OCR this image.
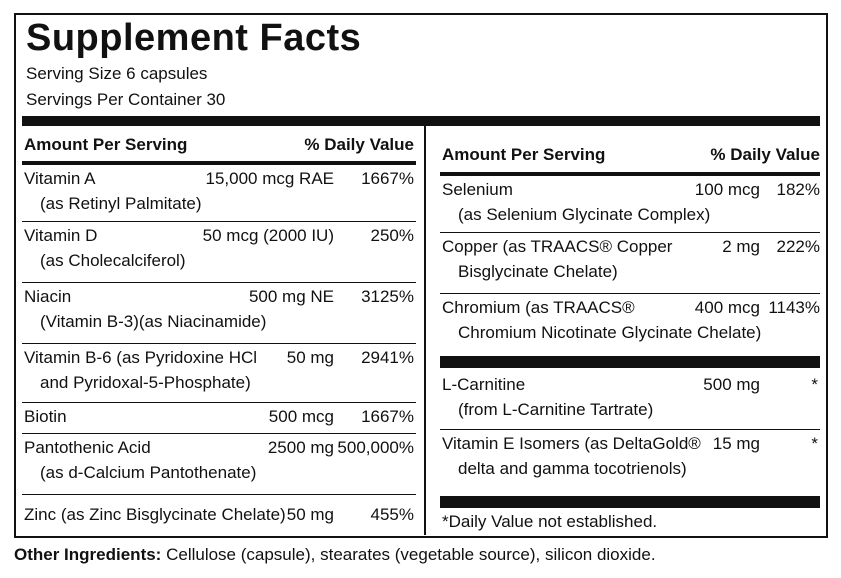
Supplement Facts
Serving Size 6 capsules
Servings Per Container 30
Amount Per Serving	% Daily Value
Vitamin A	15,000 mcg RAE 1667%
(as Retinyl Palmitate)
Vitamin D	50 mcg (2000 IU) 250%
(as Cholecalciferol)
Niacin	500 mg NE 3125%
(Vitamin B-3)(as Niacinamide)
Vitamin B-6 (as Pyridoxine HCl 50 mg 2941%
and Pyridoxal-5-Phosphate)
Biotin	500 mcg 1667%
Pantothenic Acid	2500 mg 500,000%
(as d-Calcium Pantothenate)
Zinc (as Zinc Bisglycinate Chelate) 50 mg 455%
Amount Per Serving	% Daily Value
Selenium	100 mcg 182%
(as Selenium Glycinate Complex)
Copper (as TRAACS® Copper	2 mg 222%
Bisglycinate Chelate)
Chromium (as TRAACS®	400 mcg 1143%
Chromium Nicotinate Glycinate Chelate)
L-Carnitine	500 mg	*
(from L-Carnitine Tartrate)
Vitamin E Isomers (as DeltaGold® 15 mg	*
delta and gamma tocotrienols)
*Daily Value not established.
Other Ingredients: Cellulose (capsule), stearates (vegetable source), silicon dioxide.
